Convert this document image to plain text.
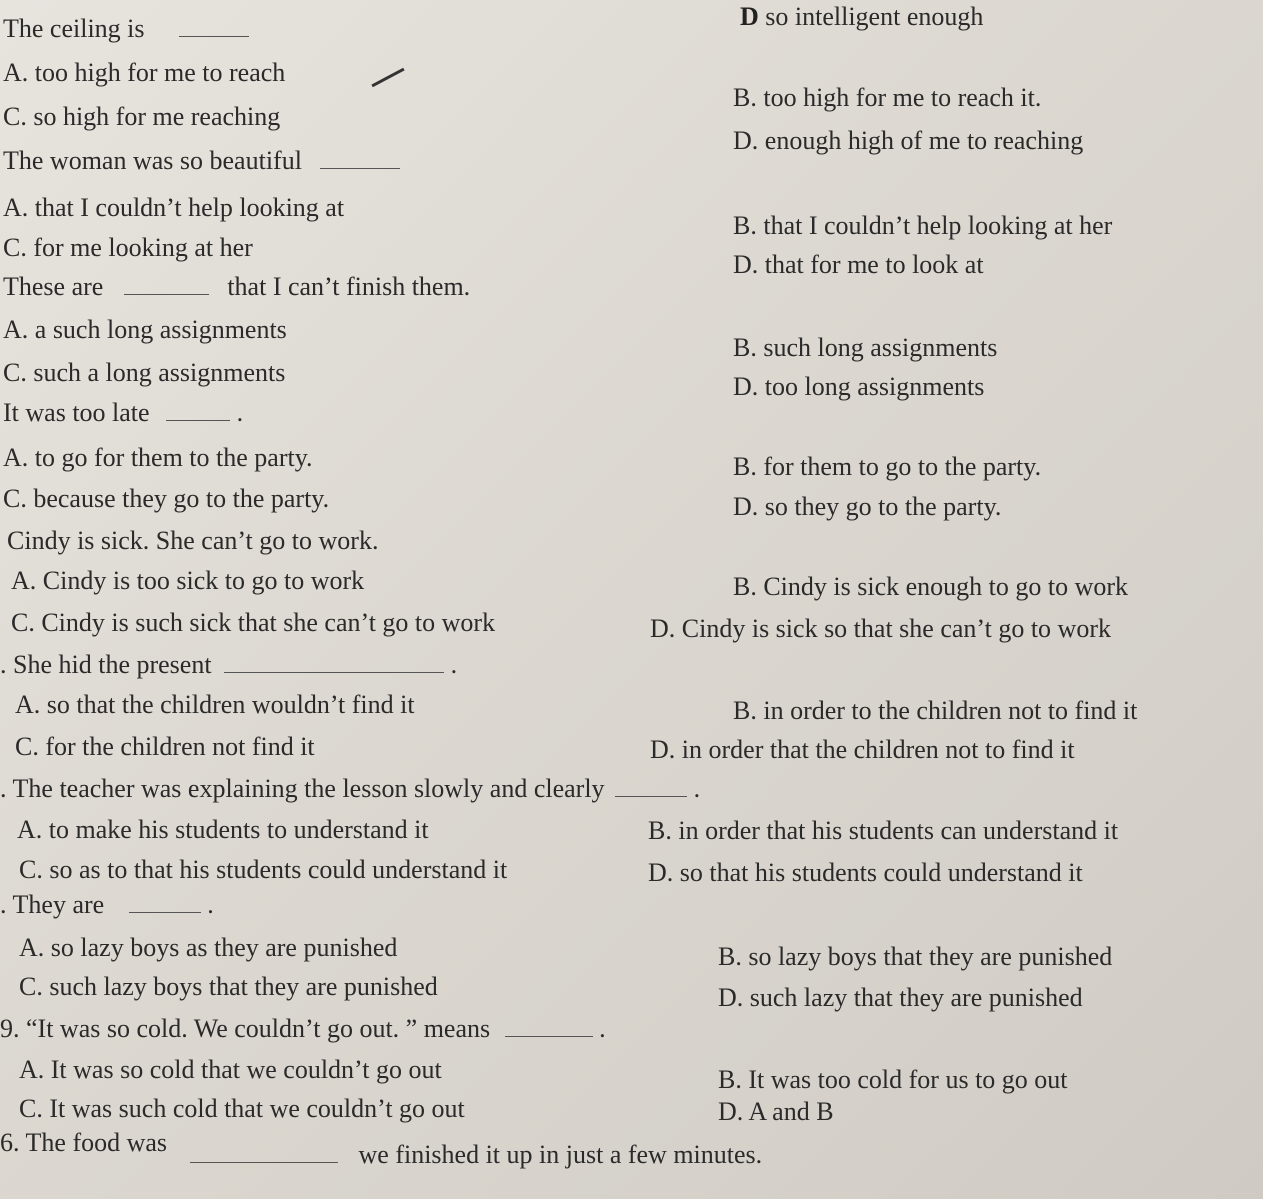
The ceiling is	D so intelligent enough
A. too high for me to reach
B. too high for me to reach it.
C. so high for me reaching
D. enough high of me to reaching
The woman was so beautiful
A. that I couldn’t help looking at
B. that I couldn’t help looking at her
C. for me looking at her
D. that for me to look at
These are	that I can’t finish them.
A. a such long assignments
B. such long assignments
C. such a long assignments	D. too long assignments
It was too late	.
A. to go for them to the party.	B. for them to go to the party.
C. because they go to the party.	D. so they go to the party.
Cindy is sick. She can’t go to work.
A. Cindy is too sick to go to work	B. Cindy is sick enough to go to work
C. Cindy is such sick that she can’t go to work	D. Cindy is sick so that she can’t go to work
. She hid the present	.
A. so that the children wouldn’t find it	B. in order to the children not to find it
C. for the children not find it	D. in order that the children not to find it
. The teacher was explaining the lesson slowly and clearly	.
A. to make his students to understand it	B. in order that his students can understand it
C. so as to that his students could understand it	D. so that his students could understand it
. They are	.
A. so lazy boys as they are punished	B. so lazy boys that they are punished
C. such lazy boys that they are punished	D. such lazy that they are punished
9. “It was so cold. We couldn’t go out. ” means	.
A. It was so cold that we couldn’t go out	B. It was too cold for us to go out
C. It was such cold that we couldn’t go out	D. A and B
6. The food was	we finished it up in just a few minutes.
